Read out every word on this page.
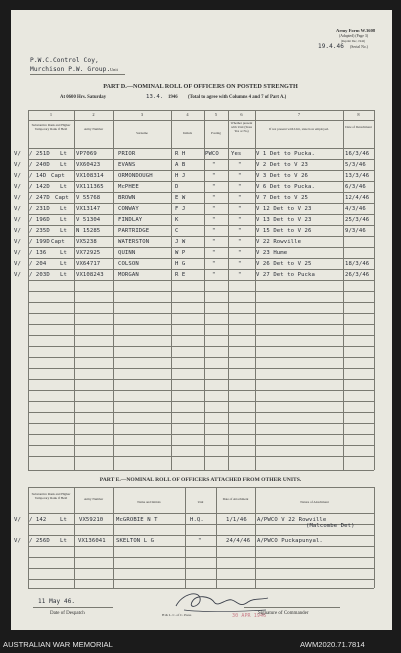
Army Form W.3608
(Adapted) (Page 3)
(Reprint Dec, 1942)
19.4.46 (Serial No.)
P.W.C.Control Coy,
Murchison P.W. Group. Unit
PART D.—NOMINAL ROLL OF OFFICERS ON POSTED STRENGTH
At 0600 Hrs. Saturday	13.4. 1946 (Total to agree with Columns 4 and 7 of Part A.)
1	2	3	4	5	6	7	8
Substantive Rank and Higher Temporary Rank if Held	Army Number
Surname	Initials	Posting
Whether present with Unit (State Yes or No)	If not present with Unit, state how employed.	Date of Detachment
V/ / 251D Lt VP7069	PRIOR	R H	PWCO Yes	V 1 Det to Pucka.	16/3/46
V/ / 240D Lt VX60423	EVANS	A B	"	"	V 2 Det to V 23	5/3/46
V/ / 14D Capt VX108314	ORMONDOUGH	H J	"	"	V 3 Det to V 26	13/3/46
V/ / 142D Lt VX111365	McPHEE	D	"	"	V 6 Det to Pucka.	6/3/46
V/ / 247D Capt V 55768	BROWN	E W	"	"	V 7 Det to V 25	12/4/46
V/ / 231D Lt VX13147	CONWAY	F J	"	"	V 12 Det to V 23	4/3/46
V/ / 196D Lt V 51304	FINDLAY	K	"	"	V 13 Det to V 23	25/3/46
V/ / 235D Lt N 15285	PARTRIDGE	C	"	"	V 15 Det to V 26	9/3/46
V/ / 199D Capt VX5238	WATERSTON	J W	"	"	V 22 Rowville
V/ / 136 Lt VX72925	QUINN	W P	"	"	V 23 Hume
V/ / 204 Lt VX64717	COLSON	H G	"	"	V 26 Det to V 25	18/3/46
V/ / 203D Lt VX108243	MORGAN	R E	"	"	V 27 Det to Pucka	26/3/46
PART E.—NOMINAL ROLL OF OFFICERS ATTACHED FROM OTHER UNITS.
Substantive Rank and Higher Temporary Rank if Held	Army Number
Name and Initials	Unit
Date of Attachment
Nature of Attachment
V/ / 142 Lt VX59210 McGROBIE N T	H.Q.	1/1/46 A/PWCO V 22 Rowville
(Malcombe Det)
V/ / 256D Lt VX136041 SKELTON L G	"	24/4/46 A/PWCO Puckapunyal.
11 May 46.
Date of Despatch	H & L. C. of C. Press	30 APR 1946
Signature of Commander
AUSTRALIAN WAR MEMORIAL	AWM2020.71.7814
